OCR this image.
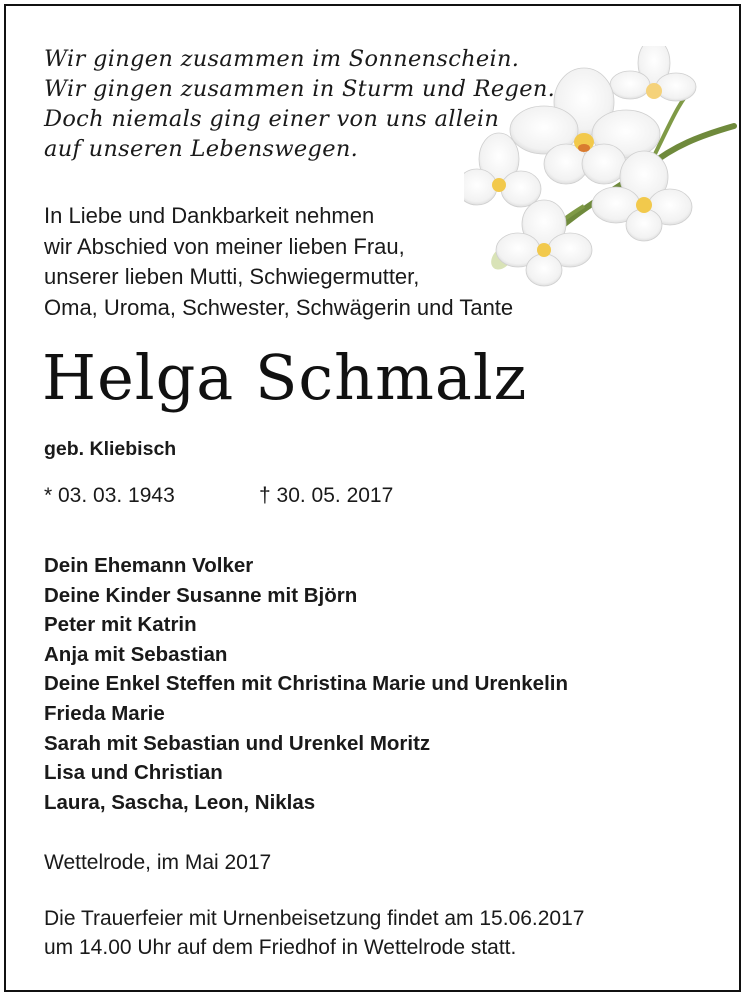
Wir gingen zusammen im Sonnenschein.
Wir gingen zusammen in Sturm und Regen.
Doch niemals ging einer von uns allein
auf unseren Lebenswegen.
In Liebe und Dankbarkeit nehmen
wir Abschied von meiner lieben Frau,
unserer lieben Mutti, Schwiegermutter,
Oma, Uroma, Schwester, Schwägerin und Tante
Helga Schmalz
geb. Kliebisch
* 03. 03. 1943	† 30. 05. 2017
Dein Ehemann Volker
Deine Kinder Susanne mit Björn
Peter mit Katrin
Anja mit Sebastian
Deine Enkel Steffen mit Christina Marie und Urenkelin
Frieda Marie
Sarah mit Sebastian und Urenkel Moritz
Lisa und Christian
Laura, Sascha, Leon, Niklas
Wettelrode, im Mai 2017
Die Trauerfeier mit Urnenbeisetzung findet am 15.06.2017
um 14.00 Uhr auf dem Friedhof in Wettelrode statt.
